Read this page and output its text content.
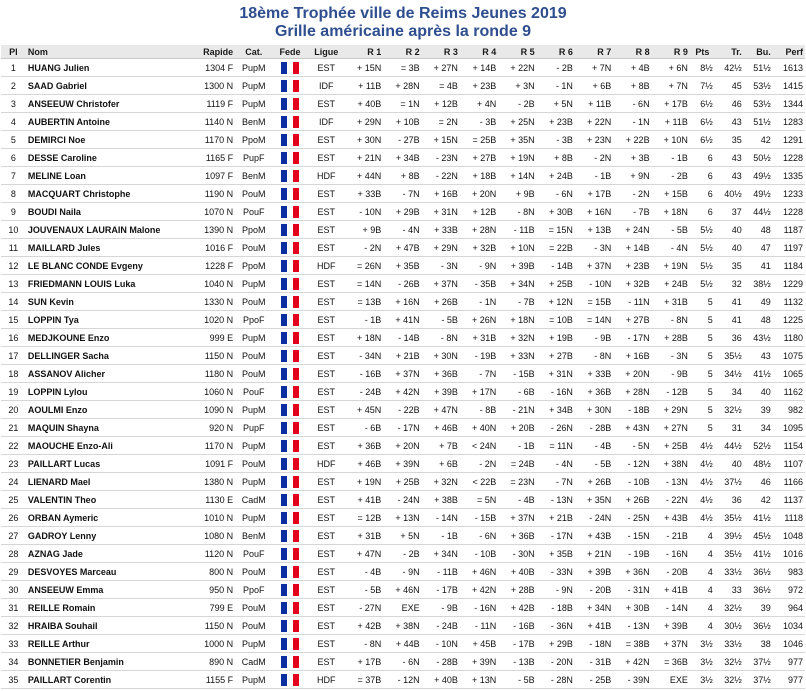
18ème Trophée ville de Reims Jeunes 2019
Grille américaine après la ronde 9
Pl	Nom	Rapide	Cat.	Fede	Ligue	R 1	R 2	R 3	R 4	R 5	R 6	R 7	R 8	R 9	Pts	Tr.	Bu.	Perf
1	HUANG Julien	1304 F	PupM		EST	+ 15N	= 3B	+ 27N	+ 14B	+ 22N	- 2B	+ 7N	+ 4B	+ 6N	8½	42½	51½	1613
2	SAAD Gabriel	1300 N	PupM		IDF	+ 11B	+ 28N	= 4B	+ 23B	+ 3N	- 1N	+ 6B	+ 8B	+ 7N	7½	45	53½	1415
3	ANSEEUW Christofer	1119 F	PupM		EST	+ 40B	= 1N	+ 12B	+ 4N	- 2B	+ 5N	+ 11B	- 6N	+ 17B	6½	46	53½	1344
4	AUBERTIN Antoine	1140 N	BenM		IDF	+ 29N	+ 10B	= 2N	- 3B	+ 25N	+ 23B	+ 22N	- 1N	+ 11B	6½	43	51½	1283
5	DEMIRCI Noe	1170 N	PpoM		EST	+ 30N	- 27B	+ 15N	= 25B	+ 35N	- 3B	+ 23N	+ 22B	+ 10N	6½	35	42	1291
6	DESSE Caroline	1165 F	PupF		EST	+ 21N	+ 34B	- 23N	+ 27B	+ 19N	+ 8B	- 2N	+ 3B	- 1B	6	43	50½	1228
7	MELINE Loan	1097 F	BenM		HDF	+ 44N	+ 8B	- 22N	+ 18B	+ 14N	+ 24B	- 1B	+ 9N	- 2B	6	43	49½	1335
8	MACQUART Christophe	1190 N	PouM		EST	+ 33B	- 7N	+ 16B	+ 20N	+ 9B	- 6N	+ 17B	- 2N	+ 15B	6	40½	49½	1233
9	BOUDI Naila	1070 N	PouF		EST	- 10N	+ 29B	+ 31N	+ 12B	- 8N	+ 30B	+ 16N	- 7B	+ 18N	6	37	44½	1228
10	JOUVENAUX LAURAIN Malone	1390 N	PpoM		EST	+ 9B	- 4N	+ 33B	+ 28N	- 11B	= 15N	+ 13B	+ 24N	- 5B	5½	40	48	1187
11	MAILLARD Jules	1016 F	PouM		EST	- 2N	+ 47B	+ 29N	+ 32B	+ 10N	= 22B	- 3N	+ 14B	- 4N	5½	40	47	1197
12	LE BLANC CONDE Evgeny	1228 F	PpoM		HDF	= 26N	+ 35B	- 3N	- 9N	+ 39B	- 14B	+ 37N	+ 23B	+ 19N	5½	35	41	1184
13	FRIEDMANN LOUIS Luka	1040 N	PupM		EST	= 14N	- 26B	+ 37N	- 35B	+ 34N	+ 25B	- 10N	+ 32B	+ 24B	5½	32	38½	1229
14	SUN Kevin	1330 N	PouM		EST	= 13B	+ 16N	+ 26B	- 1N	- 7B	+ 12N	= 15B	- 11N	+ 31B	5	41	49	1132
15	LOPPIN Tya	1020 N	PpoF		EST	- 1B	+ 41N	- 5B	+ 26N	+ 18N	= 10B	= 14N	+ 27B	- 8N	5	41	48	1225
16	MEDJKOUNE Enzo	999 E	PupM		EST	+ 18N	- 14B	- 8N	+ 31B	+ 32N	+ 19B	- 9B	- 17N	+ 28B	5	36	43½	1180
17	DELLINGER Sacha	1150 N	PouM		EST	- 34N	+ 21B	+ 30N	- 19B	+ 33N	+ 27B	- 8N	+ 16B	- 3N	5	35½	43	1075
18	ASSANOV Alicher	1180 N	PouM		EST	- 16B	+ 37N	+ 36B	- 7N	- 15B	+ 31N	+ 33B	+ 20N	- 9B	5	34½	41½	1065
19	LOPPIN Lylou	1060 N	PouF		EST	- 24B	+ 42N	+ 39B	+ 17N	- 6B	- 16N	+ 36B	+ 28N	- 12B	5	34	40	1162
20	AOULMI Enzo	1090 N	PupM		EST	+ 45N	- 22B	+ 47N	- 8B	- 21N	+ 34B	+ 30N	- 18B	+ 29N	5	32½	39	982
21	MAQUIN Shayna	920 N	PupF		EST	- 6B	- 17N	+ 46B	+ 40N	+ 20B	- 26N	- 28B	+ 43N	+ 27N	5	31	34	1095
22	MAOUCHE Enzo-Ali	1170 N	PupM		EST	+ 36B	+ 20N	+ 7B	< 24N	- 1B	= 11N	- 4B	- 5N	+ 25B	4½	44½	52½	1154
23	PAILLART Lucas	1091 F	PouM		HDF	+ 46B	+ 39N	+ 6B	- 2N	= 24B	- 4N	- 5B	- 12N	+ 38N	4½	40	48½	1107
24	LIENARD Mael	1380 N	PupM		EST	+ 19N	+ 25B	+ 32N	< 22B	= 23N	- 7N	+ 26B	- 10B	- 13N	4½	37½	46	1166
25	VALENTIN Theo	1130 E	CadM		EST	+ 41B	- 24N	+ 38B	= 5N	- 4B	- 13N	+ 35N	+ 26B	- 22N	4½	36	42	1137
26	ORBAN Aymeric	1010 N	PupM		EST	= 12B	+ 13N	- 14N	- 15B	+ 37N	+ 21B	- 24N	- 25N	+ 43B	4½	35½	41½	1118
27	GADROY Lenny	1080 N	BenM		EST	+ 31B	+ 5N	- 1B	- 6N	+ 36B	- 17N	+ 43B	- 15N	- 21B	4	39½	45½	1048
28	AZNAG Jade	1120 N	PouF		EST	+ 47N	- 2B	+ 34N	- 10B	- 30N	+ 35B	+ 21N	- 19B	- 16N	4	35½	41½	1016
29	DESVOYES Marceau	800 N	PouM		EST	- 4B	- 9N	- 11B	+ 46N	+ 40B	- 33N	+ 39B	+ 36N	- 20B	4	33½	36½	983
30	ANSEEUW Emma	950 N	PpoF		EST	- 5B	+ 46N	- 17B	+ 42N	+ 28B	- 9N	- 20B	- 31N	+ 41B	4	33	36½	972
31	REILLE Romain	799 E	PouM		EST	- 27N	EXE	- 9B	- 16N	+ 42B	- 18B	+ 34N	+ 30B	- 14N	4	32½	39	964
32	HRAIBA Souhail	1150 N	PouM		EST	+ 42B	+ 38N	- 24B	- 11N	- 16B	- 36N	+ 41B	- 13N	+ 39B	4	30½	36½	1034
33	REILLE Arthur	1000 N	PupM		EST	- 8N	+ 44B	- 10N	+ 45B	- 17B	+ 29B	- 18N	= 38B	+ 37N	3½	33½	38	1046
34	BONNETIER Benjamin	890 N	CadM		EST	+ 17B	- 6N	- 28B	+ 39N	- 13B	- 20N	- 31B	+ 42N	= 36B	3½	32½	37½	977
35	PAILLART Corentin	1155 F	PupM		HDF	= 37B	- 12N	+ 40B	+ 13N	- 5B	- 28N	- 25B	- 39N	EXE	3½	32½	37½	977
